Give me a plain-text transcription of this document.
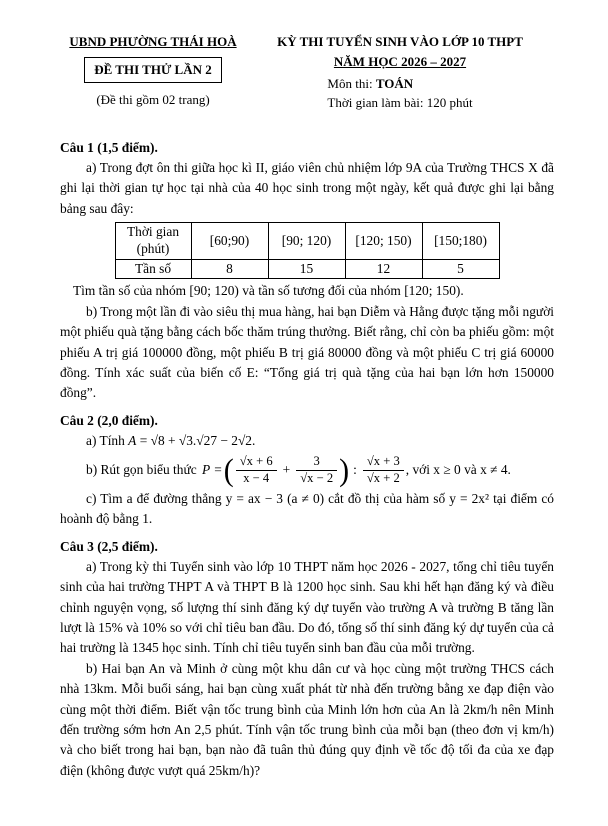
UBND PHƯỜNG THÁI HOÀ
ĐỀ THI THỬ LẦN 2
(Đề thi gồm 02 trang)
KỲ THI TUYỂN SINH VÀO LỚP 10 THPT
NĂM HỌC 2026 – 2027
Môn thi: TOÁN
Thời gian làm bài: 120 phút
Câu 1 (1,5 điểm).

a) Trong đợt ôn thi giữa học kì II, giáo viên chủ nhiệm lớp 9A của Trường THCS X đã ghi lại thời gian tự học tại nhà của 40 học sinh trong một ngày, kết quả được ghi lại bằng bảng sau đây:

Thời gian (phút)	[60;90)	[90; 120)	[120; 150)	[150;180)
Tần số	8	15	12	5

Tìm tần số của nhóm [90; 120) và tần số tương đối của nhóm [120; 150).

b) Trong một lần đi vào siêu thị mua hàng, hai bạn Diễm và Hằng được tặng mỗi người một phiếu quà tặng bằng cách bốc thăm trúng thưởng. Biết rằng, chỉ còn ba phiếu gồm: một phiếu A trị giá 100000 đồng, một phiếu B trị giá 80000 đồng và một phiếu C trị giá 60000 đồng. Tính xác suất của biến cố E: “Tổng giá trị quà tặng của hai bạn lớn hơn 150000 đồng”.

Câu 2 (2,0 điểm).

a) Tính A = √8 + √3.√27 − 2√2.

b) Rút gọn biểu thức P = ( $\frac{√x + 6}{x - 4} + \frac{3}{√x - 2}$ ) : $\frac{√x + 3}{√x + 2}$ , với x ≥ 0 và x ≠ 4.

c) Tìm a để đường thẳng y = ax − 3 (a ≠ 0) cắt đồ thị của hàm số y = 2x² tại điểm có hoành độ bằng 1.

Câu 3 (2,5 điểm).

a) Trong kỳ thi Tuyển sinh vào lớp 10 THPT năm học 2026 - 2027, tổng chỉ tiêu tuyển sinh của hai trường THPT A và THPT B là 1200 học sinh. Sau khi hết hạn đăng ký và điều chỉnh nguyện vọng, số lượng thí sinh đăng ký dự tuyển vào trường A và trường B tăng lần lượt là 15% và 10% so với chỉ tiêu ban đầu. Do đó, tổng số thí sinh đăng ký dự tuyển của cả hai trường là 1345 học sinh. Tính chỉ tiêu tuyển sinh ban đầu của mỗi trường.

b) Hai bạn An và Minh ở cùng một khu dân cư và học cùng một trường THCS cách nhà 13km. Mỗi buổi sáng, hai bạn cùng xuất phát từ nhà đến trường bằng xe đạp điện vào cùng một thời điểm. Biết vận tốc trung bình của Minh lớn hơn của An là 2km/h nên Minh đến trường sớm hơn An 2,5 phút. Tính vận tốc trung bình của mỗi bạn (theo đơn vị km/h) và cho biết trong hai bạn, bạn nào đã tuân thủ đúng quy định về tốc độ tối đa của xe đạp điện (không được vượt quá 25km/h)?
